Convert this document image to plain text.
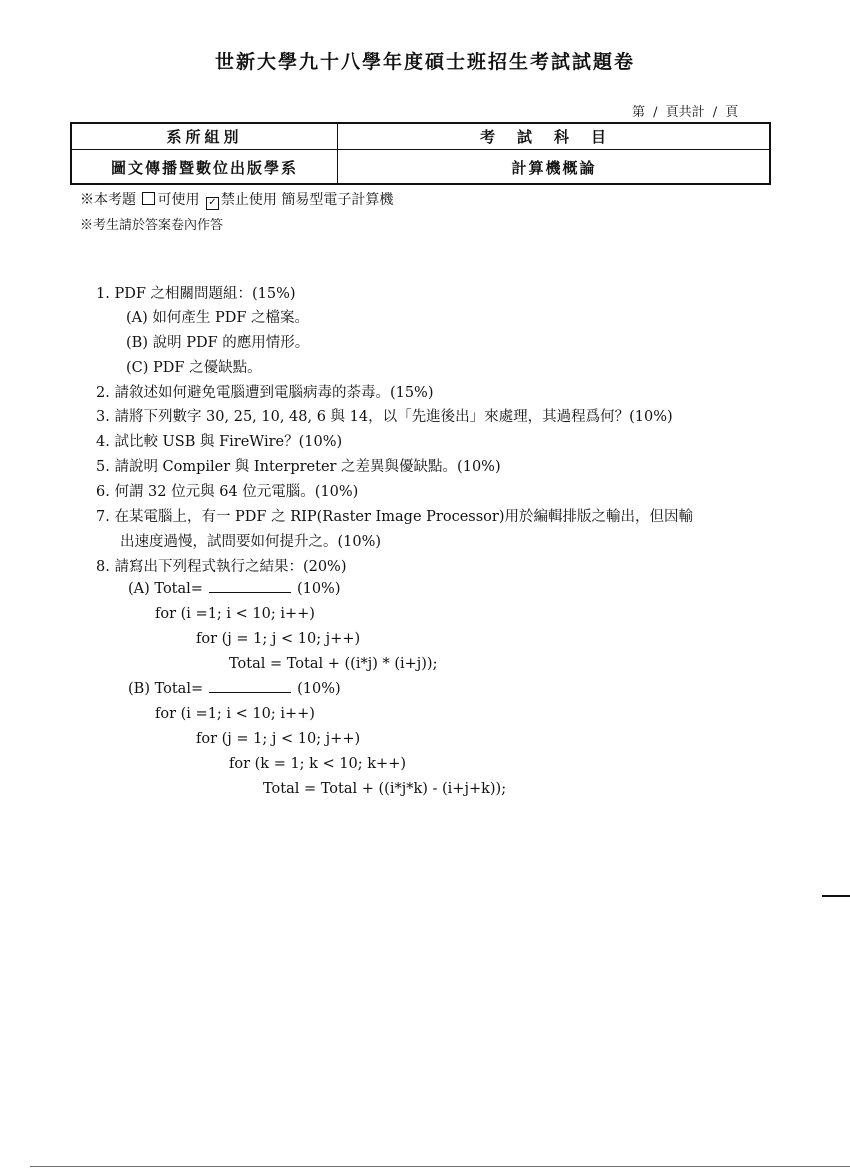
世新大學九十八學年度碩士班招生考試試題卷
第 / 頁共計 / 頁
系所組別	考試科目
圖文傳播暨數位出版學系	計算機概論
※本考題 可使用 ✓ 禁止使用 簡易型電子計算機
※考生請於答案卷內作答
1. PDF 之相關問題組：(15%)
(A) 如何產生 PDF 之檔案。
(B) 說明 PDF 的應用情形。
(C) PDF 之優缺點。
2. 請敘述如何避免電腦遭到電腦病毒的荼毒。(15%)
3. 請將下列數字 30, 25, 10, 48, 6 與 14，以「先進後出」來處理，其過程爲何？(10%)
4. 試比較 USB 與 FireWire？(10%)
5. 請說明 Compiler 與 Interpreter 之差異與優缺點。(10%)
6. 何謂 32 位元與 64 位元電腦。(10%)
7. 在某電腦上，有一 PDF 之 RIP(Raster Image Processor)用於編輯排版之輸出，但因輸
出速度過慢，試問要如何提升之。(10%)
8. 請寫出下列程式執行之結果：(20%)
(A) Total=	(10%)
for (i =1; i < 10; i++)
for (j = 1; j < 10; j++)
Total = Total + ((i*j) * (i+j));
(B) Total=	(10%)
for (i =1; i < 10; i++)
for (j = 1; j < 10; j++)
for (k = 1; k < 10; k++)
Total = Total + ((i*j*k) - (i+j+k));
